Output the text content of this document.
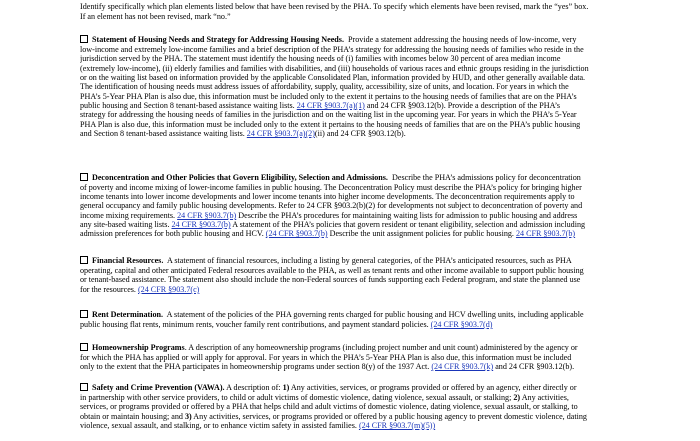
Identify specifically which plan elements listed below that have been revised by the PHA. To specify which elements have been revised, mark the “yes” box.
If an element has not been revised, mark “no.”
Statement of Housing Needs and Strategy for Addressing Housing Needs. Provide a statement addressing the housing needs of low-income, very
low-income and extremely low-income families and a brief description of the PHA’s strategy for addressing the housing needs of families who reside in the
jurisdiction served by the PHA. The statement must identify the housing needs of (i) families with incomes below 30 percent of area median income
(extremely low-income), (ii) elderly families and families with disabilities, and (iii) households of various races and ethnic groups residing in the jurisdiction
or on the waiting list based on information provided by the applicable Consolidated Plan, information provided by HUD, and other generally available data.
The identification of housing needs must address issues of affordability, supply, quality, accessibility, size of units, and location. For years in which the
PHA’s 5-Year PHA Plan is also due, this information must be included only to the extent it pertains to the housing needs of families that are on the PHA’s
public housing and Section 8 tenant-based assistance waiting lists. 24 CFR §903.7(a)(1) and 24 CFR §903.12(b). Provide a description of the PHA’s
strategy for addressing the housing needs of families in the jurisdiction and on the waiting list in the upcoming year. For years in which the PHA’s 5-Year
PHA Plan is also due, this information must be included only to the extent it pertains to the housing needs of families that are on the PHA’s public housing
and Section 8 tenant-based assistance waiting lists. 24 CFR §903.7(a)(2)(ii) and 24 CFR §903.12(b).
Deconcentration and Other Policies that Govern Eligibility, Selection and Admissions. Describe the PHA’s admissions policy for deconcentration
of poverty and income mixing of lower-income families in public housing. The Deconcentration Policy must describe the PHA’s policy for bringing higher
income tenants into lower income developments and lower income tenants into higher income developments. The deconcentration requirements apply to
general occupancy and family public housing developments. Refer to 24 CFR §903.2(b)(2) for developments not subject to deconcentration of poverty and
income mixing requirements. 24 CFR §903.7(b) Describe the PHA’s procedures for maintaining waiting lists for admission to public housing and address
any site-based waiting lists. 24 CFR §903.7(b) A statement of the PHA’s policies that govern resident or tenant eligibility, selection and admission including
admission preferences for both public housing and HCV. (24 CFR §903.7(b) Describe the unit assignment policies for public housing. 24 CFR §903.7(b)
Financial Resources. A statement of financial resources, including a listing by general categories, of the PHA’s anticipated resources, such as PHA
operating, capital and other anticipated Federal resources available to the PHA, as well as tenant rents and other income available to support public housing
or tenant-based assistance. The statement also should include the non-Federal sources of funds supporting each Federal program, and state the planned use
for the resources. (24 CFR §903.7(c)
Rent Determination. A statement of the policies of the PHA governing rents charged for public housing and HCV dwelling units, including applicable
public housing flat rents, minimum rents, voucher family rent contributions, and payment standard policies. (24 CFR §903.7(d)
Homeownership Programs. A description of any homeownership programs (including project number and unit count) administered by the agency or
for which the PHA has applied or will apply for approval. For years in which the PHA’s 5-Year PHA Plan is also due, this information must be included
only to the extent that the PHA participates in homeownership programs under section 8(y) of the 1937 Act. (24 CFR §903.7(k) and 24 CFR §903.12(b).
Safety and Crime Prevention (VAWA). A description of: 1) Any activities, services, or programs provided or offered by an agency, either directly or
in partnership with other service providers, to child or adult victims of domestic violence, dating violence, sexual assault, or stalking; 2) Any activities,
services, or programs provided or offered by a PHA that helps child and adult victims of domestic violence, dating violence, sexual assault, or stalking, to
obtain or maintain housing; and 3) Any activities, services, or programs provided or offered by a public housing agency to prevent domestic violence, dating
violence, sexual assault, and stalking, or to enhance victim safety in assisted families. (24 CFR §903.7(m)(5))
